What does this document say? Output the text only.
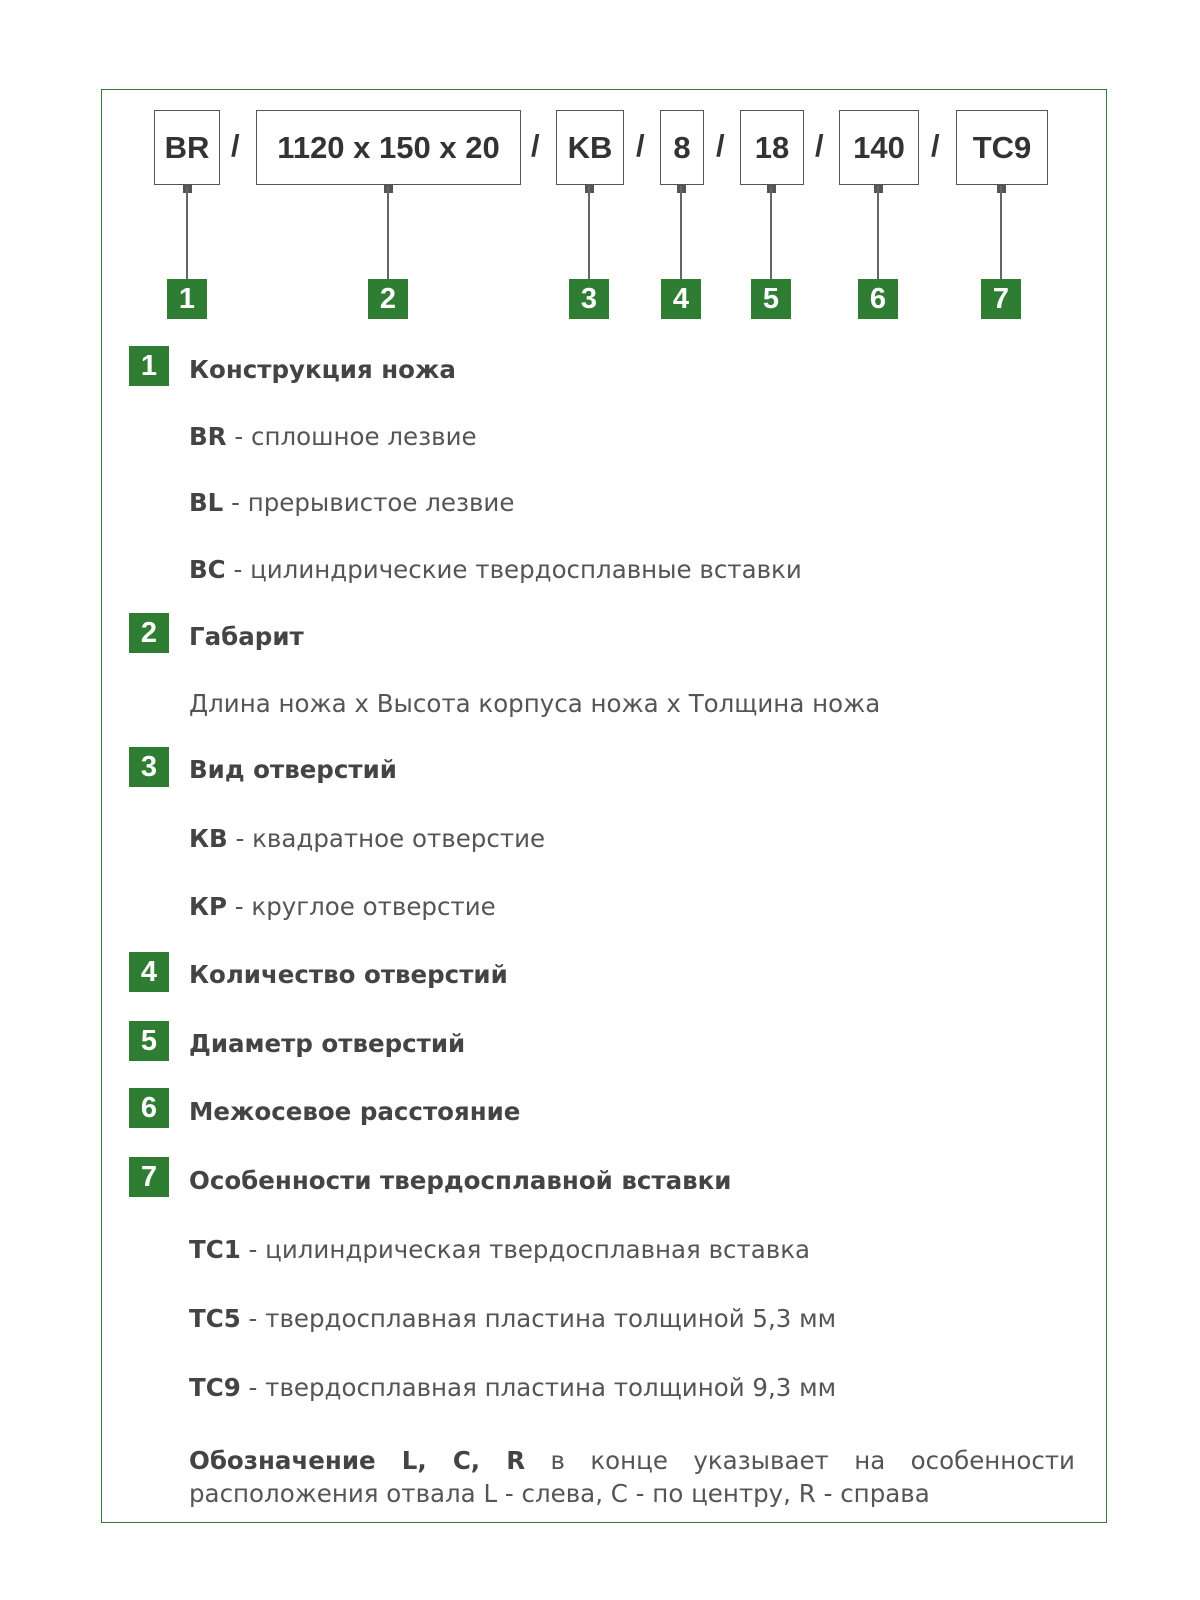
BR /	1120 x 150 x 20	/ KB / 8 / 18 / 140 /	TC9
1	2	3	4	5	6	7
1	Конструкция ножа
BR - сплошное лезвие
BL - прерывистое лезвие
BC - цилиндрические твердосплавные вставки
2	Габарит
Длина ножа х Высота корпуса ножа х Толщина ножа
3	Вид отверстий
КВ - квадратное отверстие
КР - круглое отверстие
4	Количество отверстий
5	Диаметр отверстий
6	Межосевое расстояние
7	Особенности твердосплавной вставки
TC1 - цилиндрическая твердосплавная вставка
TC5 - твердосплавная пластина толщиной 5,3 мм
TC9 - твердосплавная пластина толщиной 9,3 мм
Обозначение L, C, R в конце указывает на особенности расположения отвала L - слева, C - по центру, R - справа
